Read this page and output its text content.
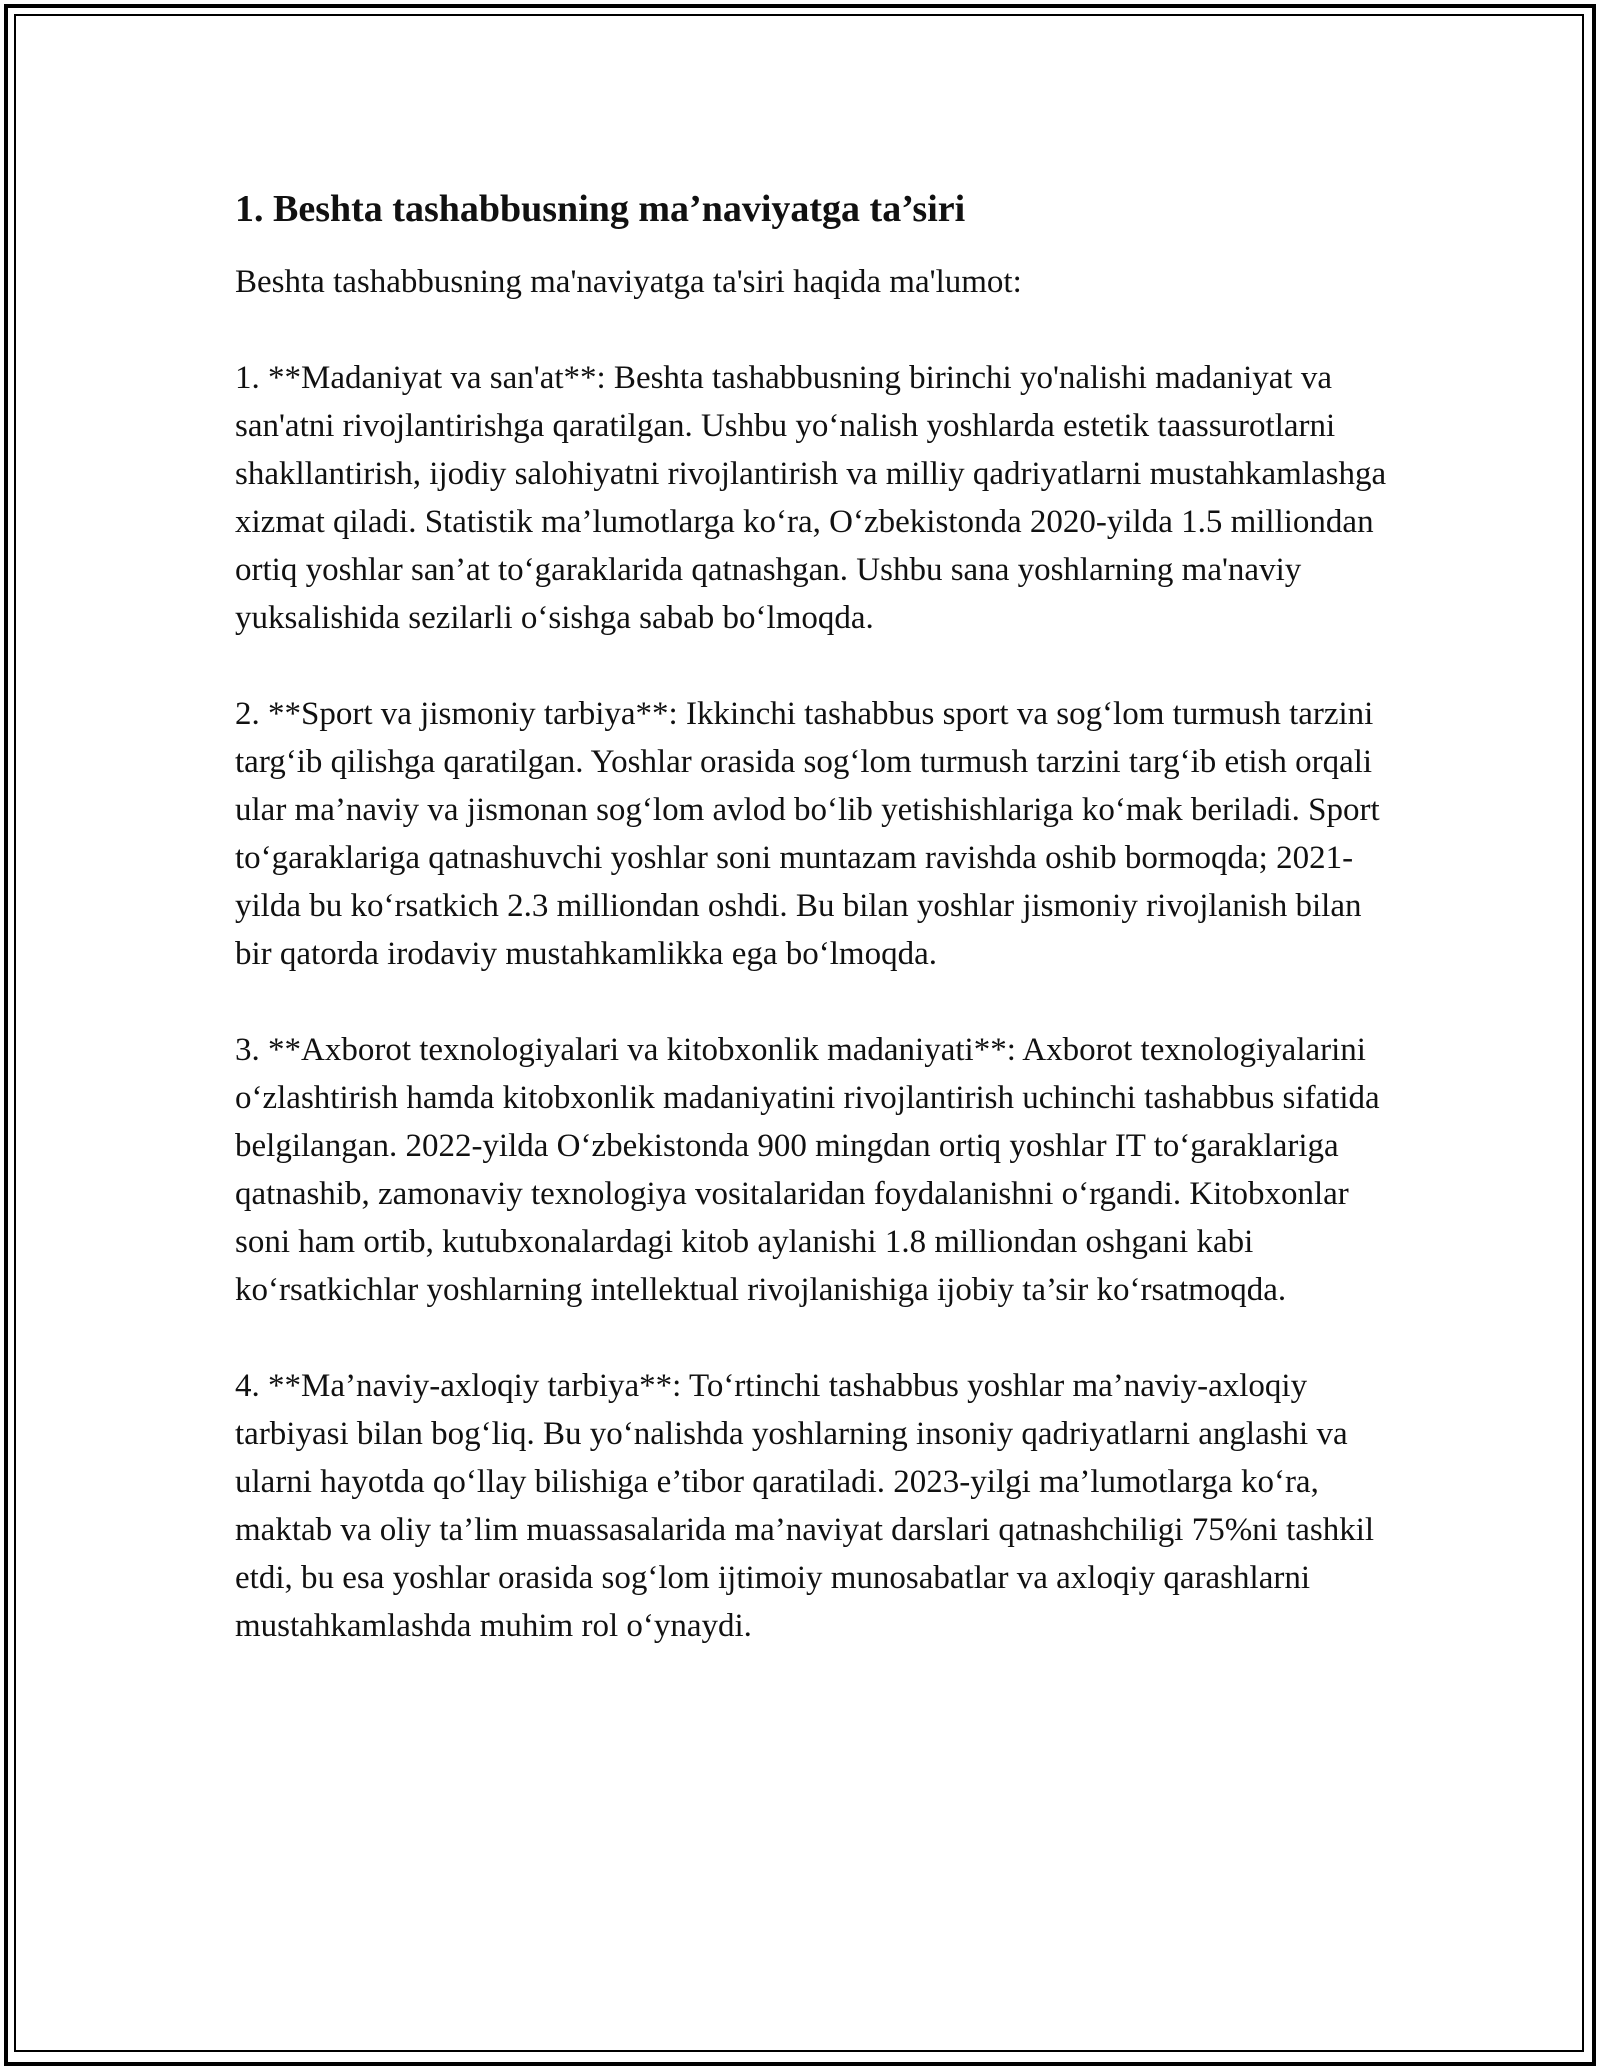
1. Beshta tashabbusning ma’naviyatga ta’siri

Beshta tashabbusning ma'naviyatga ta'siri haqida ma'lumot:

1. **Madaniyat va san'at**: Beshta tashabbusning birinchi yo'nalishi madaniyat va san'atni rivojlantirishga qaratilgan. Ushbu yo‘nalish yoshlarda estetik taassurotlarni shakllantirish, ijodiy salohiyatni rivojlantirish va milliy qadriyatlarni mustahkamlashga xizmat qiladi. Statistik ma’lumotlarga ko‘ra, O‘zbekistonda 2020-yilda 1.5 milliondan ortiq yoshlar san’at to‘garaklarida qatnashgan. Ushbu sana yoshlarning ma'naviy yuksalishida sezilarli o‘sishga sabab bo‘lmoqda.

2. **Sport va jismoniy tarbiya**: Ikkinchi tashabbus sport va sog‘lom turmush tarzini targ‘ib qilishga qaratilgan. Yoshlar orasida sog‘lom turmush tarzini targ‘ib etish orqali ular ma’naviy va jismonan sog‘lom avlod bo‘lib yetishishlariga ko‘mak beriladi. Sport to‘garaklariga qatnashuvchi yoshlar soni muntazam ravishda oshib bormoqda; 2021-yilda bu ko‘rsatkich 2.3 milliondan oshdi. Bu bilan yoshlar jismoniy rivojlanish bilan bir qatorda irodaviy mustahkamlikka ega bo‘lmoqda.

3. **Axborot texnologiyalari va kitobxonlik madaniyati**: Axborot texnologiyalarini o‘zlashtirish hamda kitobxonlik madaniyatini rivojlantirish uchinchi tashabbus sifatida belgilangan. 2022-yilda O‘zbekistonda 900 mingdan ortiq yoshlar IT to‘garaklariga qatnashib, zamonaviy texnologiya vositalaridan foydalanishni o‘rgandi. Kitobxonlar soni ham ortib, kutubxonalardagi kitob aylanishi 1.8 milliondan oshgani kabi ko‘rsatkichlar yoshlarning intellektual rivojlanishiga ijobiy ta’sir ko‘rsatmoqda.

4. **Ma’naviy-axloqiy tarbiya**: To‘rtinchi tashabbus yoshlar ma’naviy-axloqiy tarbiyasi bilan bog‘liq. Bu yo‘nalishda yoshlarning insoniy qadriyatlarni anglashi va ularni hayotda qo‘llay bilishiga e’tibor qaratiladi. 2023-yilgi ma’lumotlarga ko‘ra, maktab va oliy ta’lim muassasalarida ma’naviyat darslari qatnashchiligi 75%ni tashkil etdi, bu esa yoshlar orasida sog‘lom ijtimoiy munosabatlar va axloqiy qarashlarni mustahkamlashda muhim rol o‘ynaydi.
